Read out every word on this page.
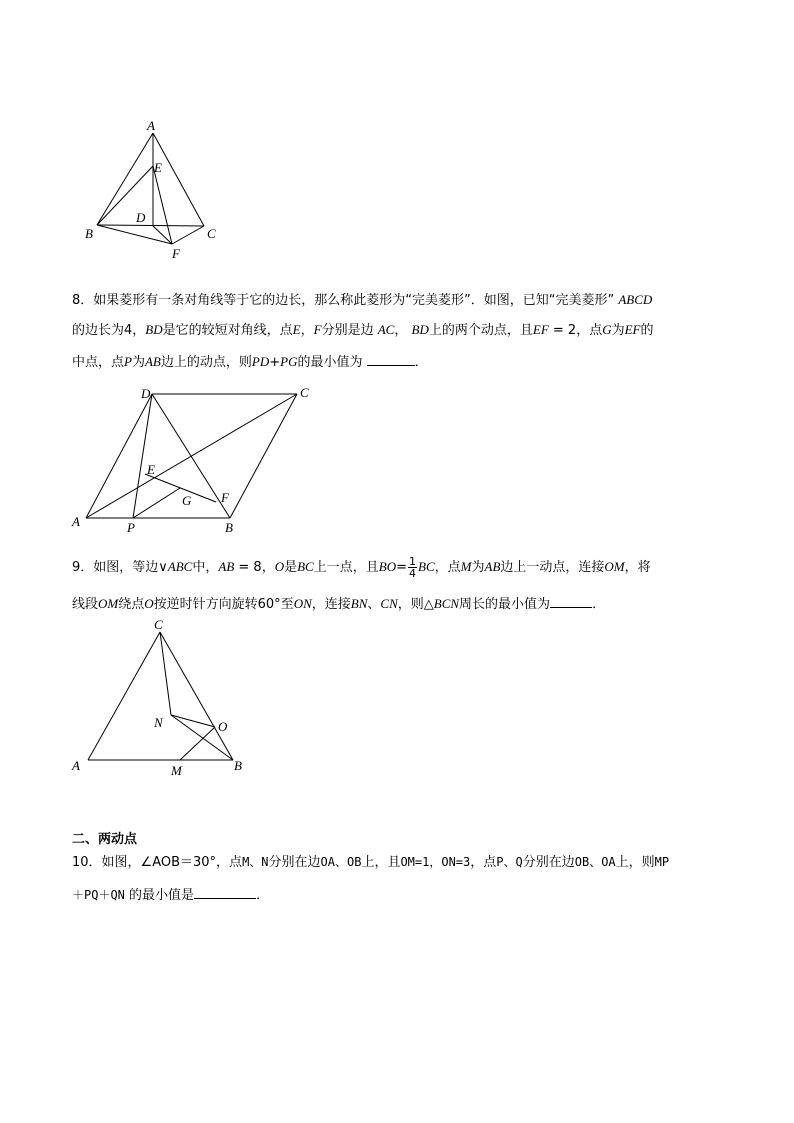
A
E
D
B	C
F
8．如果菱形有一条对角线等于它的边长，那么称此菱形为“完美菱形”．如图，已知“完美菱形” ABCD
的边长为4，BD是它的较短对角线，点E，F分别是边 AC， BD上的两个动点，且EF = 2，点G为EF的
中点，点P为AB边上的动点，则PD+PG的最小值为	．
D	C
E
G F
A	P	B
9．如图，等边∨ABC中，AB = 8，O是BC上一点，且$BO= \frac{1}{4}$ BC，点M为AB边上一动点，连接OM，将
线段OM绕点O按逆时针方向旋转60°至ON，连接BN、CN，则△BCN周长的最小值为	．
C
N	O
A	M	B
二、两动点
10．如图，∠AOB＝30°，点M、N分别在边OA、OB上，且OM=1，ON=3，点P、Q分别在边OB、OA上，则MP
＋PQ＋QN 的最小值是	．
